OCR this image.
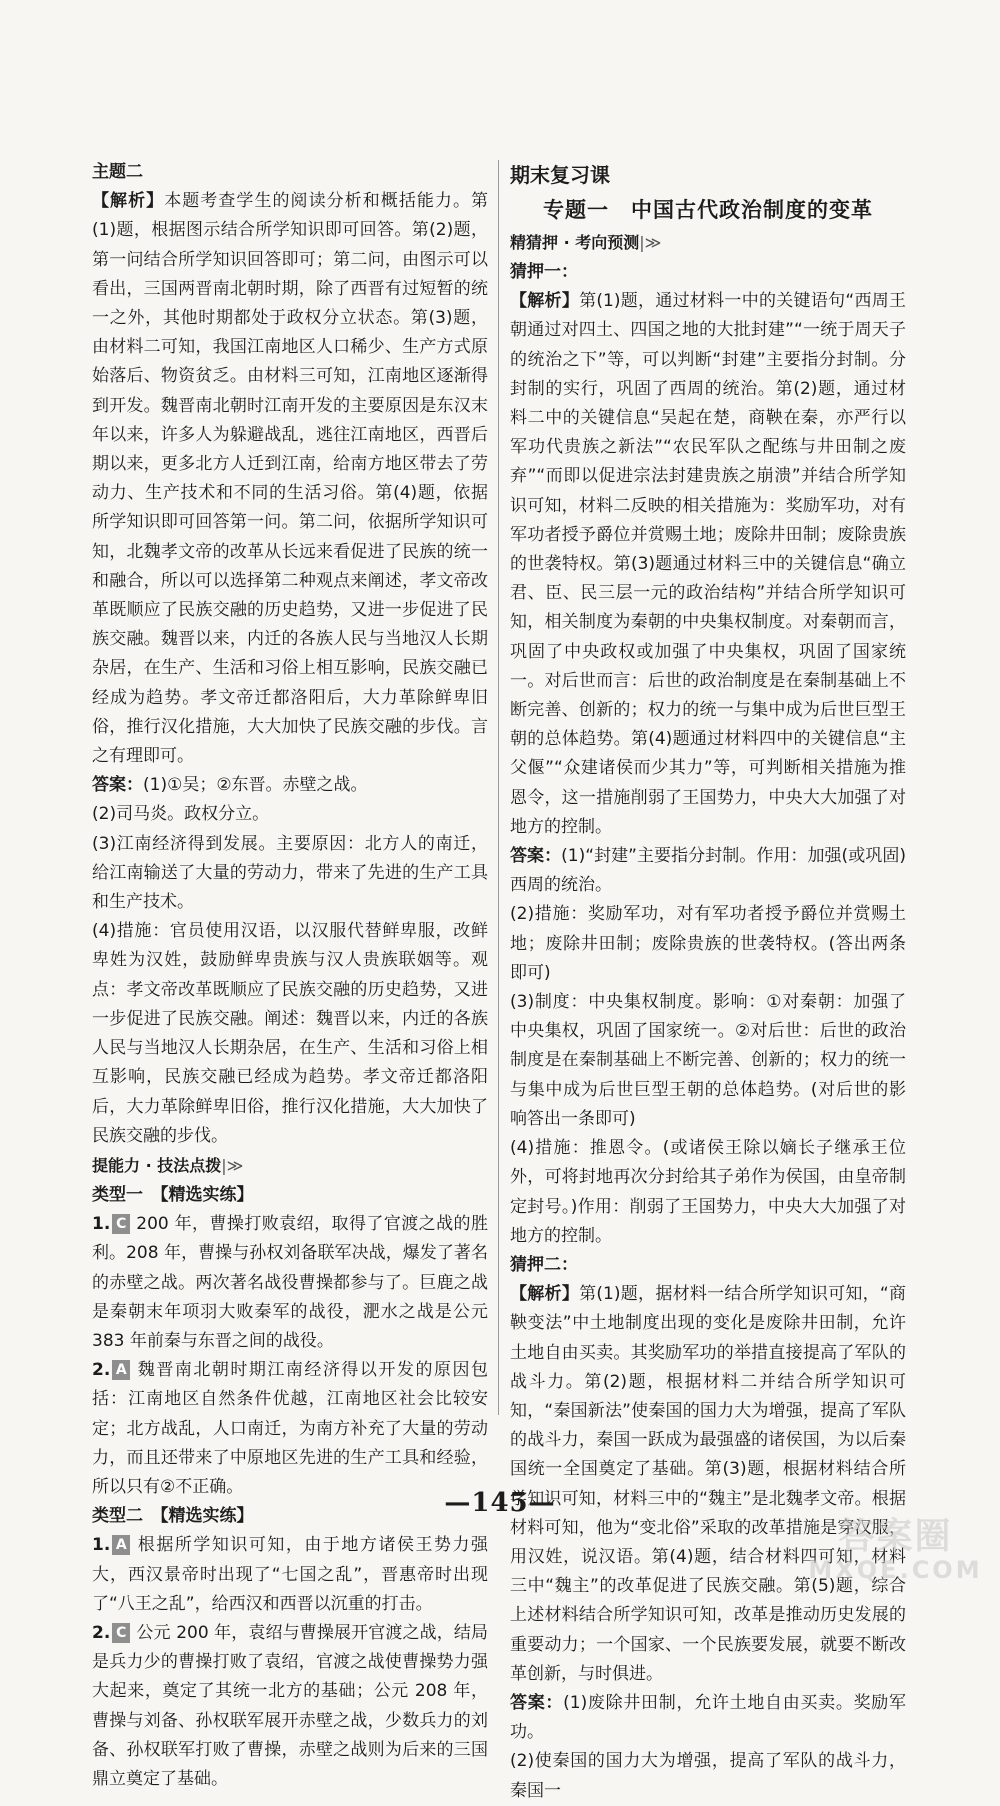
主题二

【解析】本题考查学生的阅读分析和概括能力。第(1)题，根据图示结合所学知识即可回答。第(2)题，第一问结合所学知识回答即可；第二问，由图示可以看出，三国两晋南北朝时期，除了西晋有过短暂的统一之外，其他时期都处于政权分立状态。第(3)题，由材料二可知，我国江南地区人口稀少、生产方式原始落后、物资贫乏。由材料三可知，江南地区逐渐得到开发。魏晋南北朝时江南开发的主要原因是东汉末年以来，许多人为躲避战乱，逃往江南地区，西晋后期以来，更多北方人迁到江南，给南方地区带去了劳动力、生产技术和不同的生活习俗。第(4)题，依据所学知识即可回答第一问。第二问，依据所学知识可知，北魏孝文帝的改革从长远来看促进了民族的统一和融合，所以可以选择第二种观点来阐述，孝文帝改革既顺应了民族交融的历史趋势，又进一步促进了民族交融。魏晋以来，内迁的各族人民与当地汉人长期杂居，在生产、生活和习俗上相互影响，民族交融已经成为趋势。孝文帝迁都洛阳后，大力革除鲜卑旧俗，推行汉化措施，大大加快了民族交融的步伐。言之有理即可。

答案：(1)①吴；②东晋。赤壁之战。

(2)司马炎。政权分立。

(3)江南经济得到发展。主要原因：北方人的南迁，给江南输送了大量的劳动力，带来了先进的生产工具和生产技术。

(4)措施：官员使用汉语，以汉服代替鲜卑服，改鲜卑姓为汉姓，鼓励鲜卑贵族与汉人贵族联姻等。观点：孝文帝改革既顺应了民族交融的历史趋势，又进一步促进了民族交融。阐述：魏晋以来，内迁的各族人民与当地汉人长期杂居，在生产、生活和习俗上相互影响，民族交融已经成为趋势。孝文帝迁都洛阳后，大力革除鲜卑旧俗，推行汉化措施，大大加快了民族交融的步伐。

提能力 · 技法点拨|≫

类型一　【精选实练】

1. C 200 年，曹操打败袁绍，取得了官渡之战的胜利。208 年，曹操与孙权刘备联军决战，爆发了著名的赤壁之战。两次著名战役曹操都参与了。巨鹿之战是秦朝末年项羽大败秦军的战役，淝水之战是公元 383 年前秦与东晋之间的战役。

2. A 魏晋南北朝时期江南经济得以开发的原因包括：江南地区自然条件优越，江南地区社会比较安定；北方战乱，人口南迁，为南方补充了大量的劳动力，而且还带来了中原地区先进的生产工具和经验，所以只有②不正确。

类型二　【精选实练】

1. A 根据所学知识可知，由于地方诸侯王势力强大，西汉景帝时出现了“七国之乱”，晋惠帝时出现了“八王之乱”，给西汉和西晋以沉重的打击。

2. C 公元 200 年，袁绍与曹操展开官渡之战，结局是兵力少的曹操打败了袁绍，官渡之战使曹操势力强大起来，奠定了其统一北方的基础；公元 208 年，曹操与刘备、孙权联军展开赤壁之战，少数兵力的刘备、孙权联军打败了曹操，赤壁之战则为后来的三国鼎立奠定了基础。

期末复习课

专题一　中国古代政治制度的变革

精猜押 · 考向预测|≫

猜押一：

【解析】第(1)题，通过材料一中的关键语句“西周王朝通过对四土、四国之地的大批封建”“一统于周天子的统治之下”等，可以判断“封建”主要指分封制。分封制的实行，巩固了西周的统治。第(2)题，通过材料二中的关键信息“吴起在楚，商鞅在秦，亦严行以军功代贵族之新法”“农民军队之配练与井田制之废弃”“而即以促进宗法封建贵族之崩溃”并结合所学知识可知，材料二反映的相关措施为：奖励军功，对有军功者授予爵位并赏赐土地；废除井田制；废除贵族的世袭特权。第(3)题通过材料三中的关键信息“确立君、臣、民三层一元的政治结构”并结合所学知识可知，相关制度为秦朝的中央集权制度。对秦朝而言，巩固了中央政权或加强了中央集权，巩固了国家统一。对后世而言：后世的政治制度是在秦制基础上不断完善、创新的；权力的统一与集中成为后世巨型王朝的总体趋势。第(4)题通过材料四中的关键信息“主父偃”“众建诸侯而少其力”等，可判断相关措施为推恩令，这一措施削弱了王国势力，中央大大加强了对地方的控制。

答案：(1)“封建”主要指分封制。作用：加强(或巩固)西周的统治。

(2)措施：奖励军功，对有军功者授予爵位并赏赐土地；废除井田制；废除贵族的世袭特权。(答出两条即可)

(3)制度：中央集权制度。影响：①对秦朝：加强了中央集权，巩固了国家统一。②对后世：后世的政治制度是在秦制基础上不断完善、创新的；权力的统一与集中成为后世巨型王朝的总体趋势。(对后世的影响答出一条即可)

(4)措施：推恩令。(或诸侯王除以嫡长子继承王位外，可将封地再次分封给其子弟作为侯国，由皇帝制定封号。)作用：削弱了王国势力，中央大大加强了对地方的控制。

猜押二：

【解析】第(1)题，据材料一结合所学知识可知，“商鞅变法”中土地制度出现的变化是废除井田制，允许土地自由买卖。其奖励军功的举措直接提高了军队的战斗力。第(2)题，根据材料二并结合所学知识可知，“秦国新法”使秦国的国力大为增强，提高了军队的战斗力，秦国一跃成为最强盛的诸侯国，为以后秦国统一全国奠定了基础。第(3)题，根据材料结合所学知识可知，材料三中的“魏主”是北魏孝文帝。根据材料可知，他为“变北俗”采取的改革措施是穿汉服，用汉姓，说汉语。第(4)题，结合材料四可知，材料三中“魏主”的改革促进了民族交融。第(5)题，综合上述材料结合所学知识可知，改革是推动历史发展的重要动力；一个国家、一个民族要发展，就要不断改革创新，与时俱进。

答案：(1)废除井田制，允许土地自由买卖。奖励军功。

(2)使秦国的国力大为增强，提高了军队的战斗力，秦国一

—145—
答案圈
MXQE.COM
